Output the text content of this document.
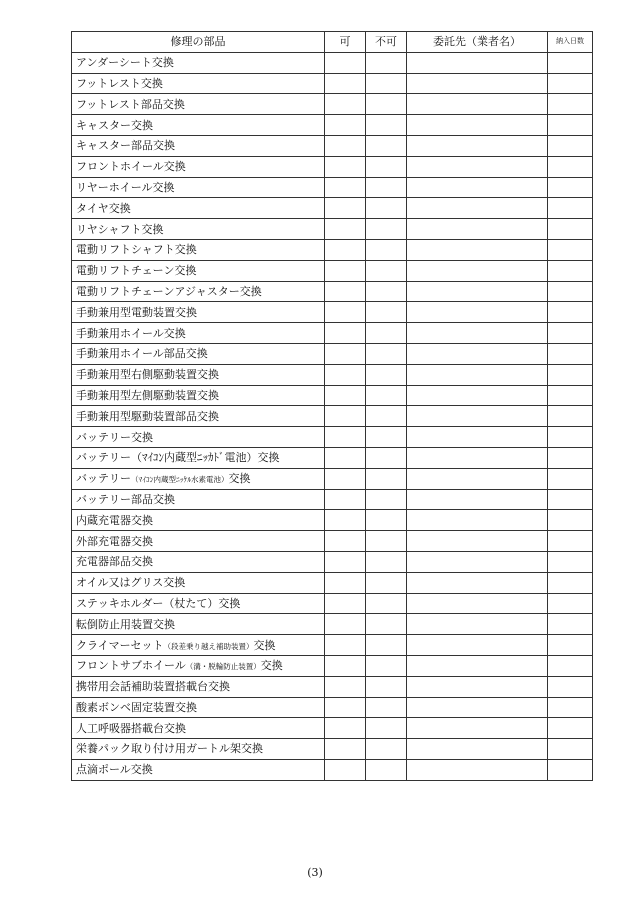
修理の部品	可	不可	委託先（業者名）	納入日数
アンダーシート交換				
フットレスト交換				
フットレスト部品交換				
キャスター交換				
キャスター部品交換				
フロントホイール交換				
リヤーホイール交換				
タイヤ交換				
リヤシャフト交換				
電動リフトシャフト交換				
電動リフトチェーン交換				
電動リフトチェーンアジャスター交換				
手動兼用型電動装置交換				
手動兼用ホイール交換				
手動兼用ホイール部品交換				
手動兼用型右側駆動装置交換				
手動兼用型左側駆動装置交換				
手動兼用型駆動装置部品交換				
バッテリー交換				
バッテリー（ﾏｲｺﾝ内蔵型ﾆｯｶﾄﾞ電池）交換				
バッテリー（ﾏｲｺﾝ内蔵型ﾆｯｹﾙ水素電池）交換				
バッテリー部品交換				
内蔵充電器交換				
外部充電器交換				
充電器部品交換				
オイル又はグリス交換				
ステッキホルダー（杖たて）交換				
転倒防止用装置交換				
クライマーセット（段差乗り越え補助装置）交換				
フロントサブホイール（溝・脱輪防止装置）交換				
携帯用会話補助装置搭載台交換				
酸素ボンベ固定装置交換				
人工呼吸器搭載台交換				
栄養パック取り付け用ガートル架交換				
点滴ポール交換				
(3)
